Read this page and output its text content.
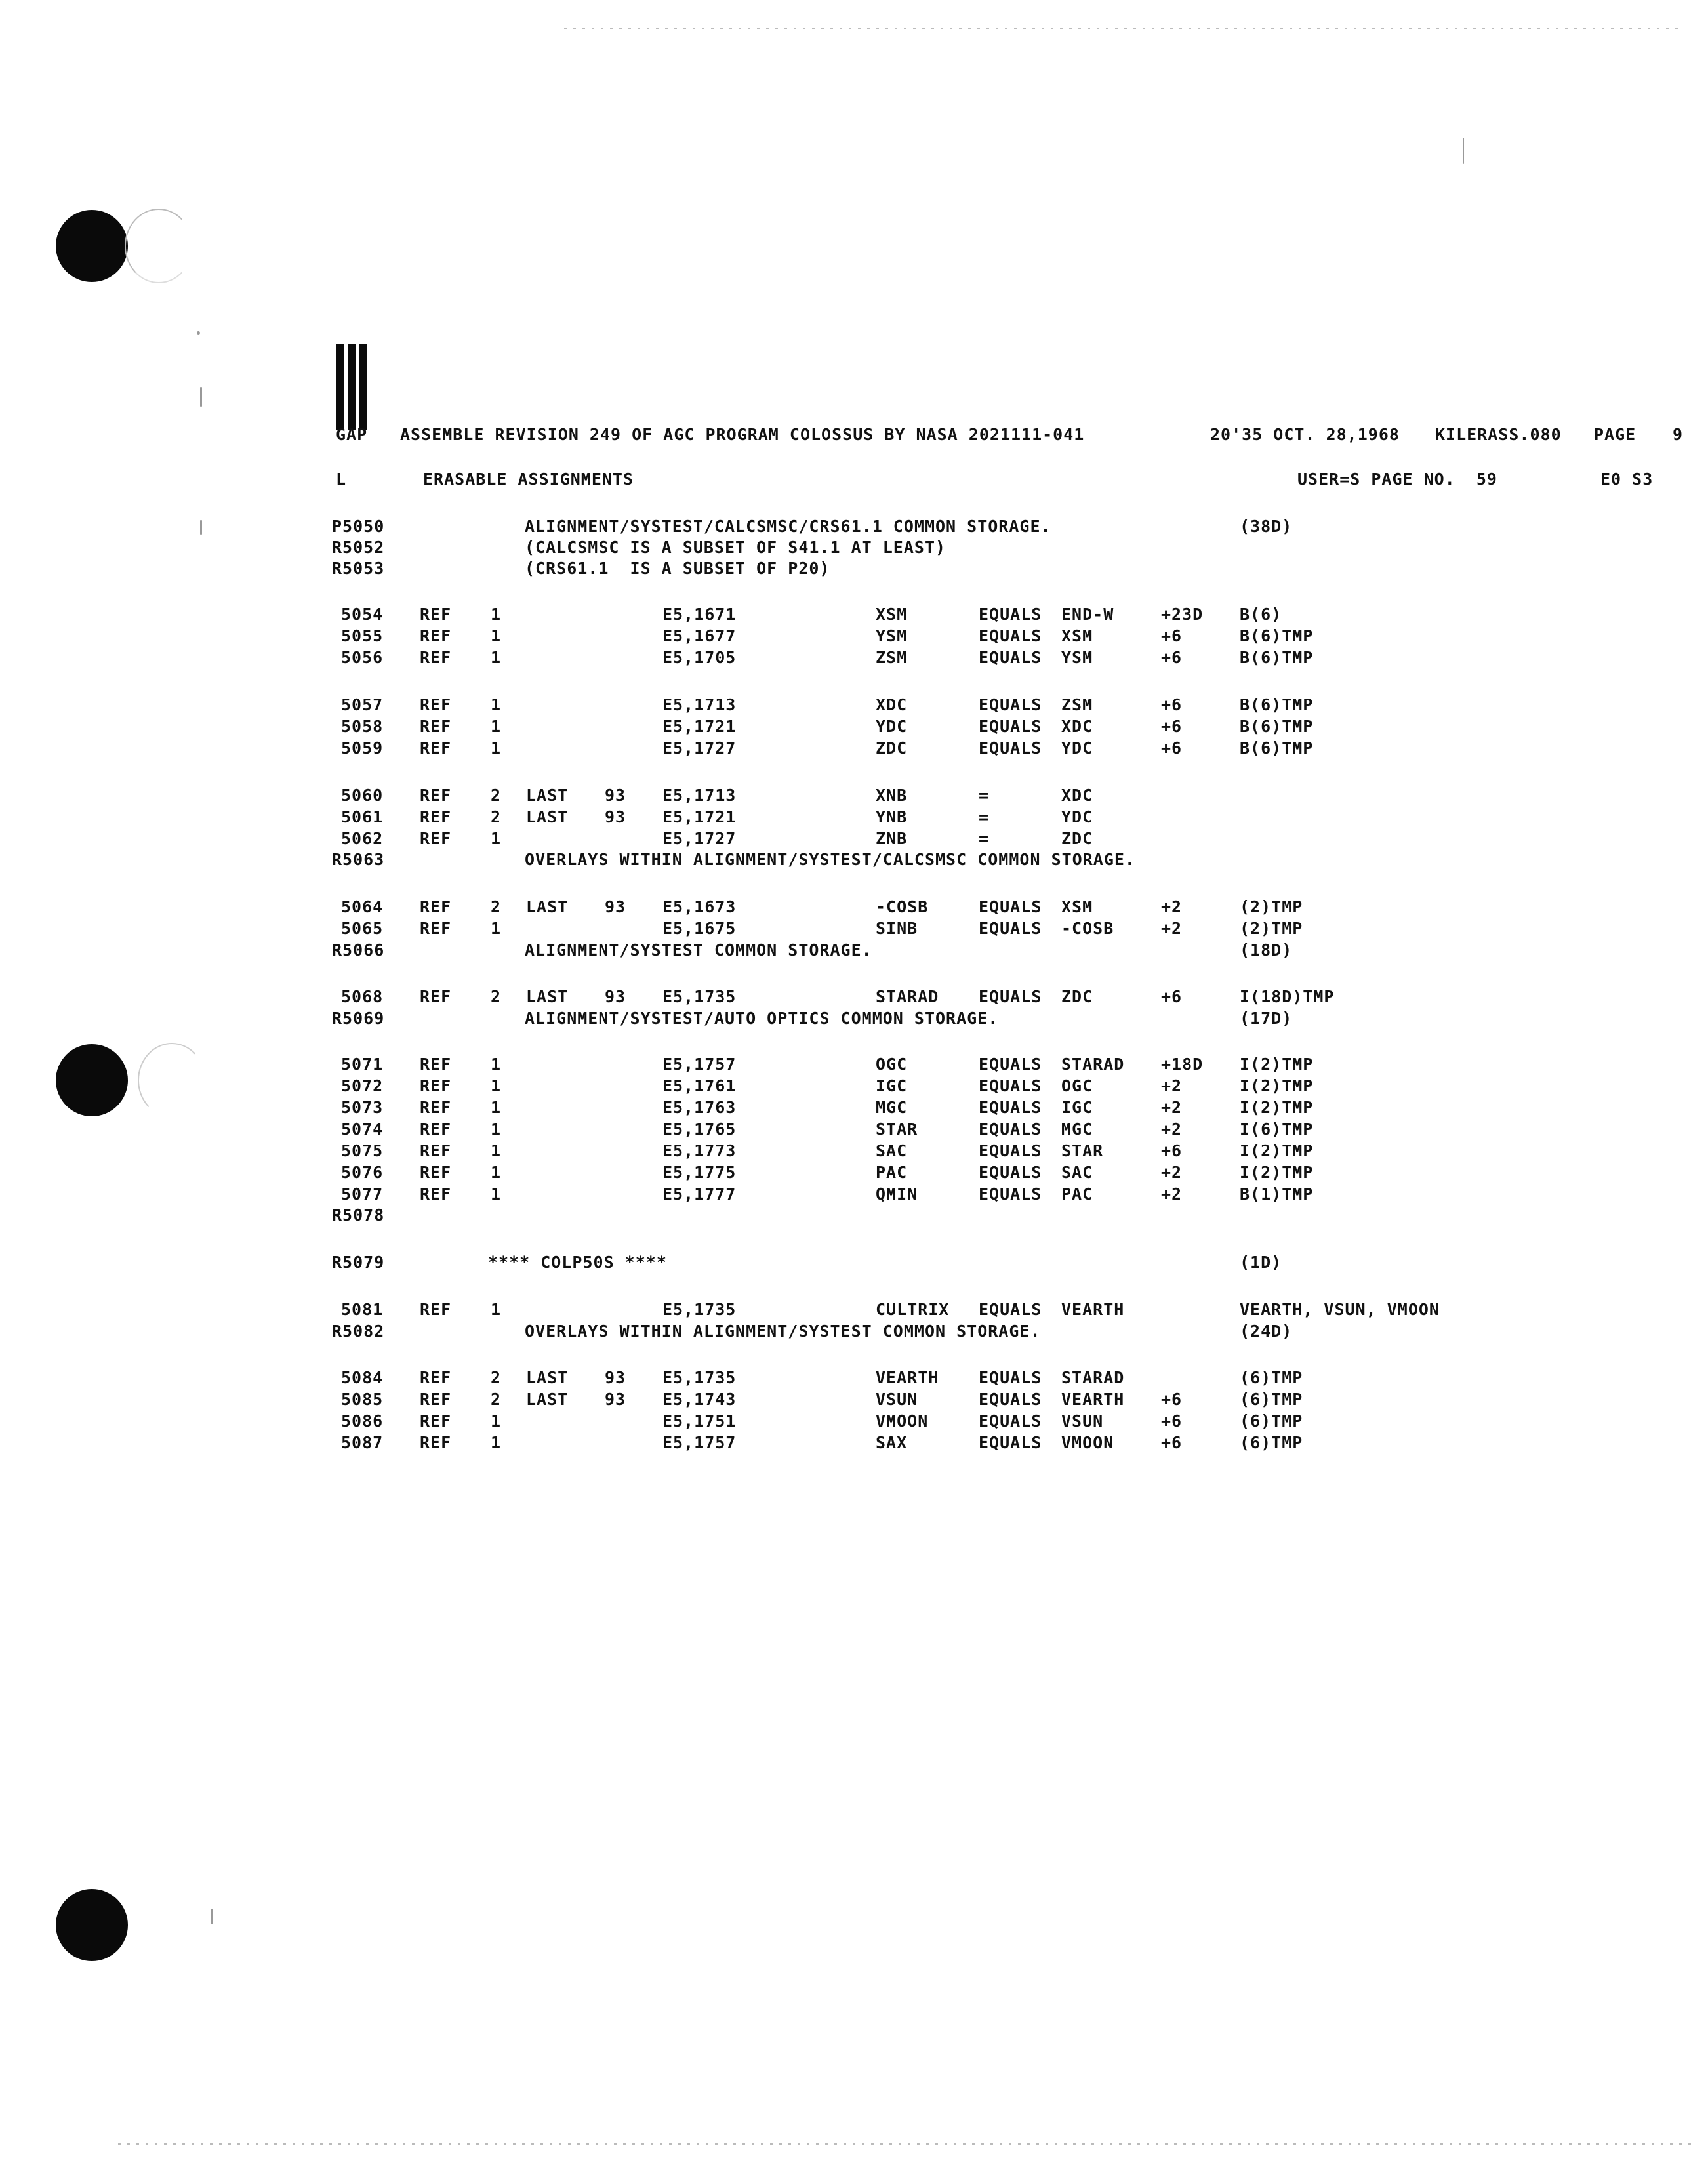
GAP ASSEMBLE REVISION 249 OF AGC PROGRAM COLOSSUS BY NASA 2021111-041	20'35 OCT. 28,1968 KILERASS.080 PAGE 9
L	ERASABLE ASSIGNMENTS	USER=S PAGE NO.  59	E0 S3
P5050	ALIGNMENT/SYSTEST/CALCSMSC/CRS61.1 COMMON STORAGE.	(38D)
R5052	(CALCSMSC IS A SUBSET OF S41.1 AT LEAST)
R5053	(CRS61.1  IS A SUBSET OF P20)
5054	REF 1	E5,1671	XSM	EQUALS END-W	+23D B(6)
5055	REF 1	E5,1677	YSM	EQUALS XSM	+6	B(6)TMP
5056	REF 1	E5,1705	ZSM	EQUALS YSM	+6	B(6)TMP
5057	REF 1	E5,1713	XDC	EQUALS ZSM	+6	B(6)TMP
5058	REF 1	E5,1721	YDC	EQUALS XDC	+6	B(6)TMP
5059	REF 1	E5,1727	ZDC	EQUALS YDC	+6	B(6)TMP
5060	REF 2 LAST 93 E5,1713	XNB	=	XDC
5061	REF 2 LAST 93 E5,1721	YNB	=	YDC
5062	REF 1	E5,1727	ZNB	=	ZDC
R5063	OVERLAYS WITHIN ALIGNMENT/SYSTEST/CALCSMSC COMMON STORAGE.
5064	REF 2 LAST 93 E5,1673	-COSB	EQUALS XSM	+2	(2)TMP
5065	REF 1	E5,1675	SINB	EQUALS -COSB	+2	(2)TMP
R5066	ALIGNMENT/SYSTEST COMMON STORAGE.	(18D)
5068	REF 2 LAST 93 E5,1735	STARAD EQUALS ZDC	+6	I(18D)TMP
R5069	ALIGNMENT/SYSTEST/AUTO OPTICS COMMON STORAGE.	(17D)
5071	REF 1	E5,1757	OGC	EQUALS STARAD +18D I(2)TMP
5072	REF 1	E5,1761	IGC	EQUALS OGC	+2	I(2)TMP
5073	REF 1	E5,1763	MGC	EQUALS IGC	+2	I(2)TMP
5074	REF 1	E5,1765	STAR	EQUALS MGC	+2	I(6)TMP
5075	REF 1	E5,1773	SAC	EQUALS STAR	+6	I(2)TMP
5076	REF 1	E5,1775	PAC	EQUALS SAC	+2	I(2)TMP
5077	REF 1	E5,1777	QMIN	EQUALS PAC	+2	B(1)TMP
R5078
R5079	**** COLP50S ****	(1D)
5081	REF 1	E5,1735	CULTRIX EQUALS VEARTH	VEARTH, VSUN, VMOON
R5082	OVERLAYS WITHIN ALIGNMENT/SYSTEST COMMON STORAGE.	(24D)
5084	REF 2 LAST 93 E5,1735	VEARTH EQUALS STARAD	(6)TMP
5085	REF 2 LAST 93 E5,1743	VSUN	EQUALS VEARTH +6	(6)TMP
5086	REF 1	E5,1751	VMOON	EQUALS VSUN	+6	(6)TMP
5087	REF 1	E5,1757	SAX	EQUALS VMOON	+6	(6)TMP
